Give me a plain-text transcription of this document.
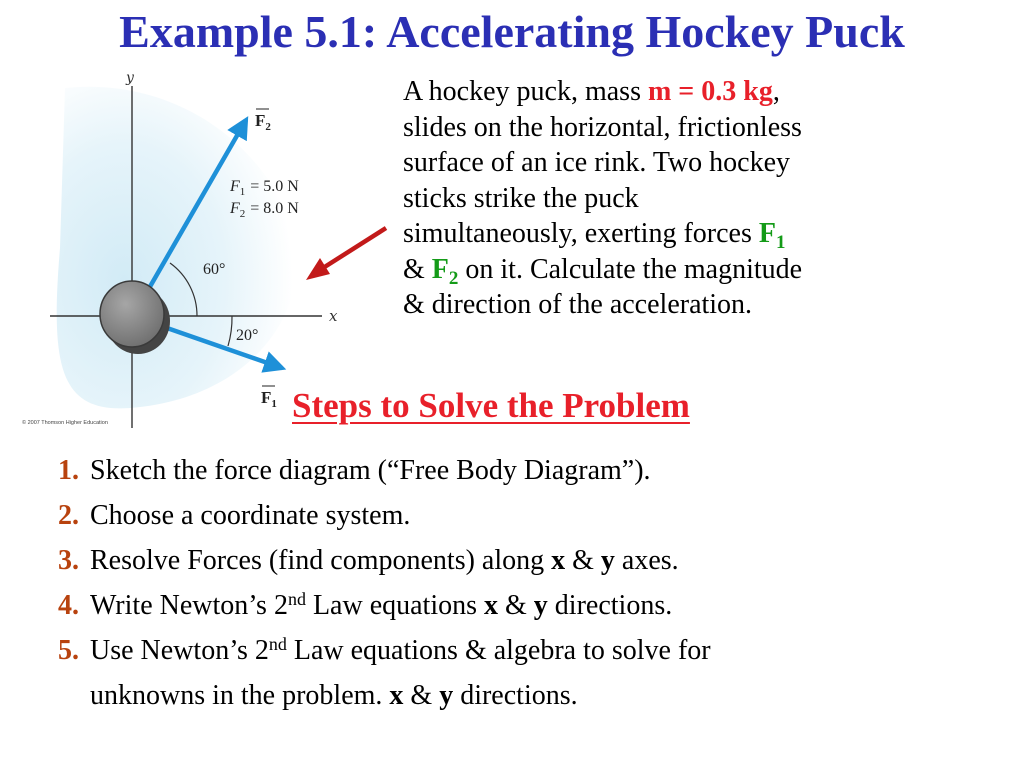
Example 5.1: Accelerating Hockey Puck
y
x
$F_2$
$F_1$
$F_1 = 5.0$ N
$F_2 = 8.0$ N
60°
20°
© 2007 Thomson Higher Education
A hockey puck, mass m = 0.3 kg,
slides on the horizontal, frictionless
surface of an ice rink. Two hockey
sticks strike the puck
simultaneously, exerting forces $F_1$
& $F_2$ on it. Calculate the magnitude
& direction of the acceleration.
Steps to Solve the Problem
1. Sketch the force diagram (“Free Body Diagram”).
2. Choose a coordinate system.
3. Resolve Forces (find components) along x & y axes.
4. Write Newton’s 2nd Law equations x & y directions.
5. Use Newton’s 2nd Law equations & algebra to solve for
unknowns in the problem. x & y directions.
